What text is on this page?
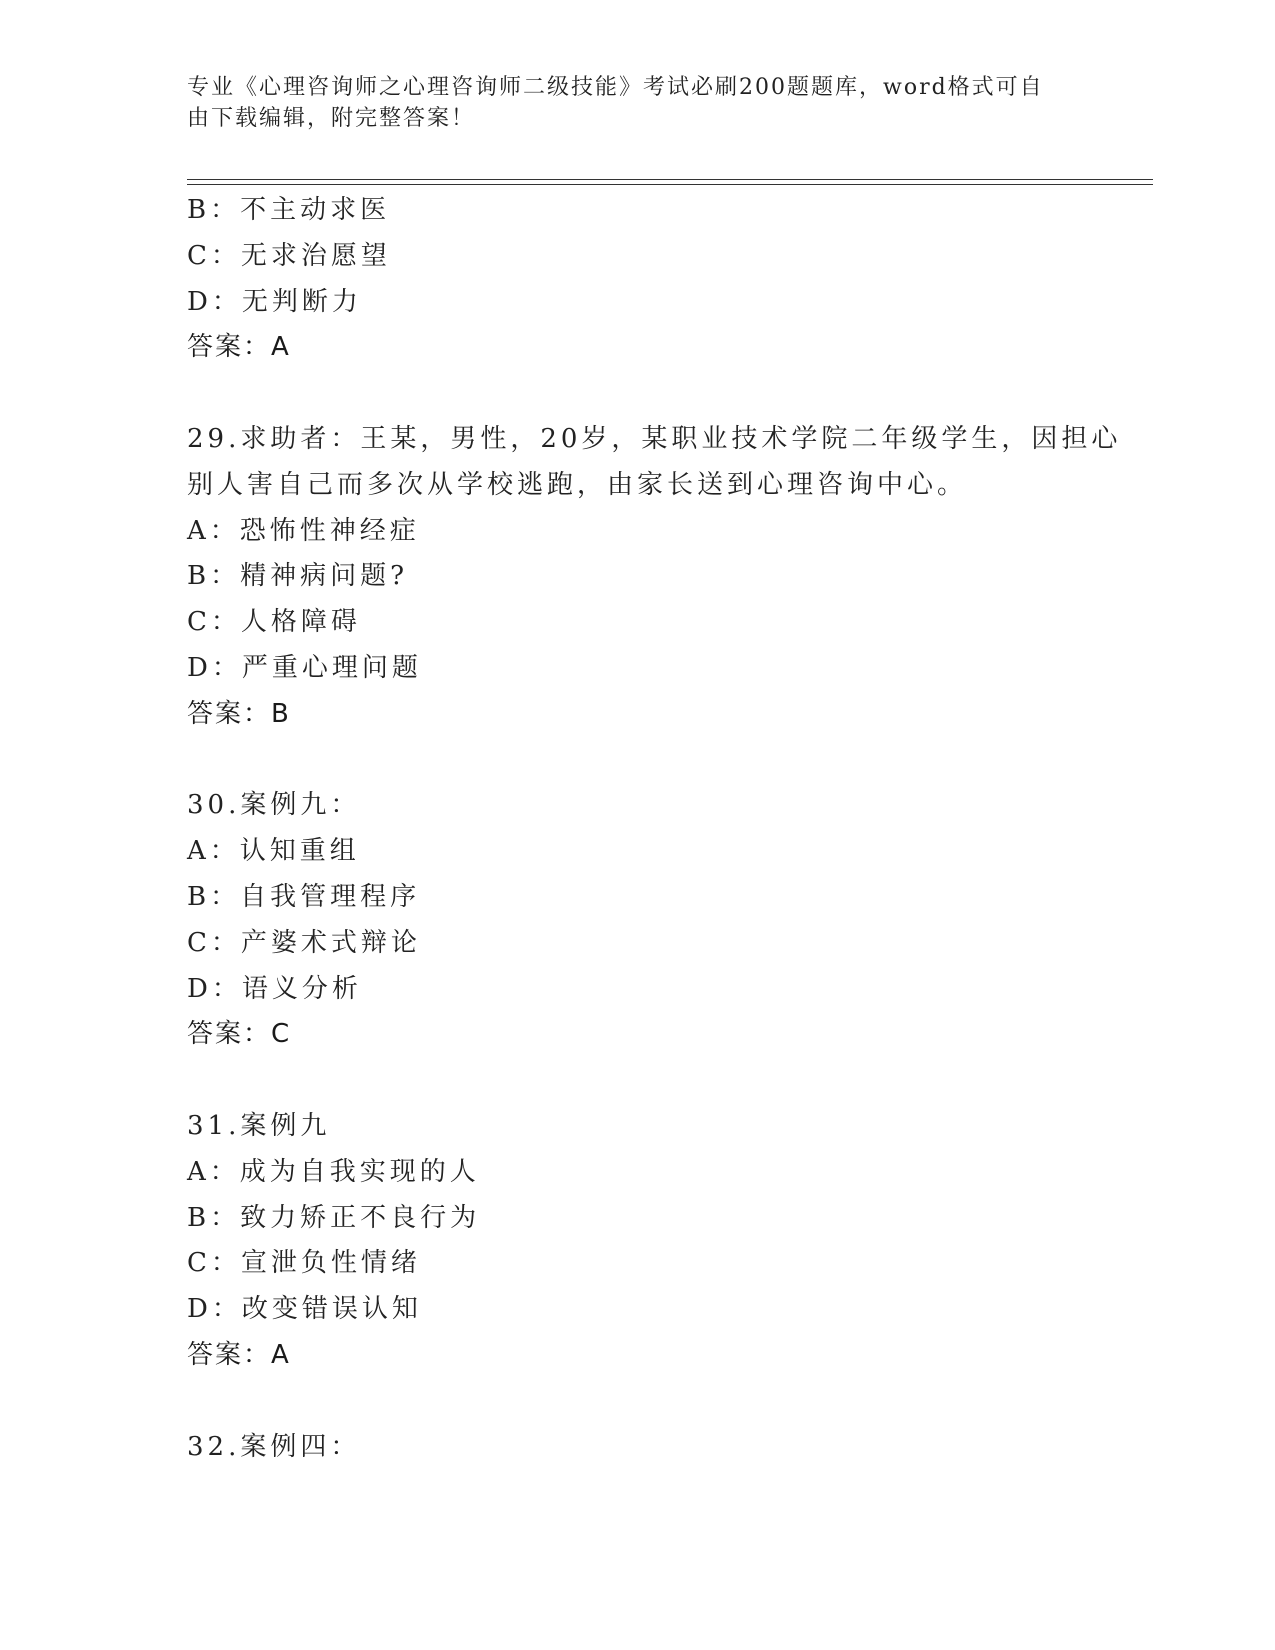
专业《心理咨询师之心理咨询师二级技能》考试必刷200题题库，word格式可自由下载编辑，附完整答案！
B：不主动求医
C：无求治愿望
D：无判断力
答案：A
29.求助者：王某，男性，20岁，某职业技术学院二年级学生，因担心
别人害自己而多次从学校逃跑，由家长送到心理咨询中心。
A：恐怖性神经症
B：精神病问题?
C：人格障碍
D：严重心理问题
答案：B
30.案例九：
A：认知重组
B：自我管理程序
C：产婆术式辩论
D：语义分析
答案：C
31.案例九
A：成为自我实现的人
B：致力矫正不良行为
C：宣泄负性情绪
D：改变错误认知
答案：A
32.案例四：
